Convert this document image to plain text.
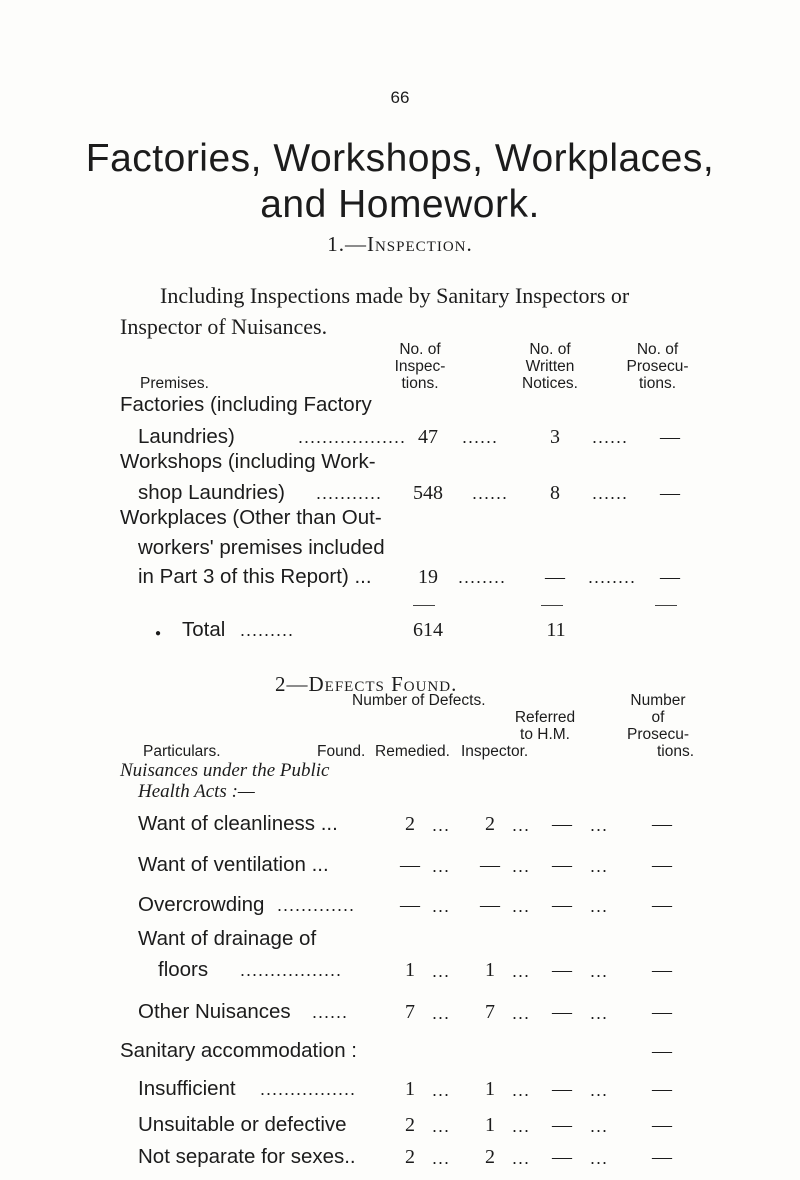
66
Factories, Workshops, Workplaces,
and Homework.
1.—Inspection.
Including Inspections made by Sanitary Inspectors or
Inspector of Nuisances.
No. of
Inspec-
tions.
No. of
Written
Notices.
No. of
Prosecu-
tions.
Premises.
Factories (including Factory
Laundries)	.................. 47 ......	3	...... —
Workshops (including Work-
shop Laundries) ........... 548 ......	8	...... —
Workplaces (Other than Out-
workers' premises included
in Part 3 of this Report) ... 19 ........ — ........ —
● Total .........	614	11
2—Defects Found.
Number of Defects.
Referred
to H.M.
Number
of
Prosecu-
Particulars.	Found. Remedied. Inspector.	tions.
Nuisances under the Public
Health Acts :—
Want of cleanliness ...	2 ... 2 ... — ... —
Want of ventilation ...	— ... — ... — ... —
Overcrowding ............. — ... — ... — ... —
Want of drainage of
floors .................	1 ... 1 ... — ... —
Other Nuisances ......	7 ... 7 ... — ... —
Sanitary accommodation :	—
Insufficient ................ 1 ... 1 ... — ... —
Unsuitable or defective	2 ... 1 ... — ... —
Not separate for sexes.. 2 ... 2 ... — ... —
